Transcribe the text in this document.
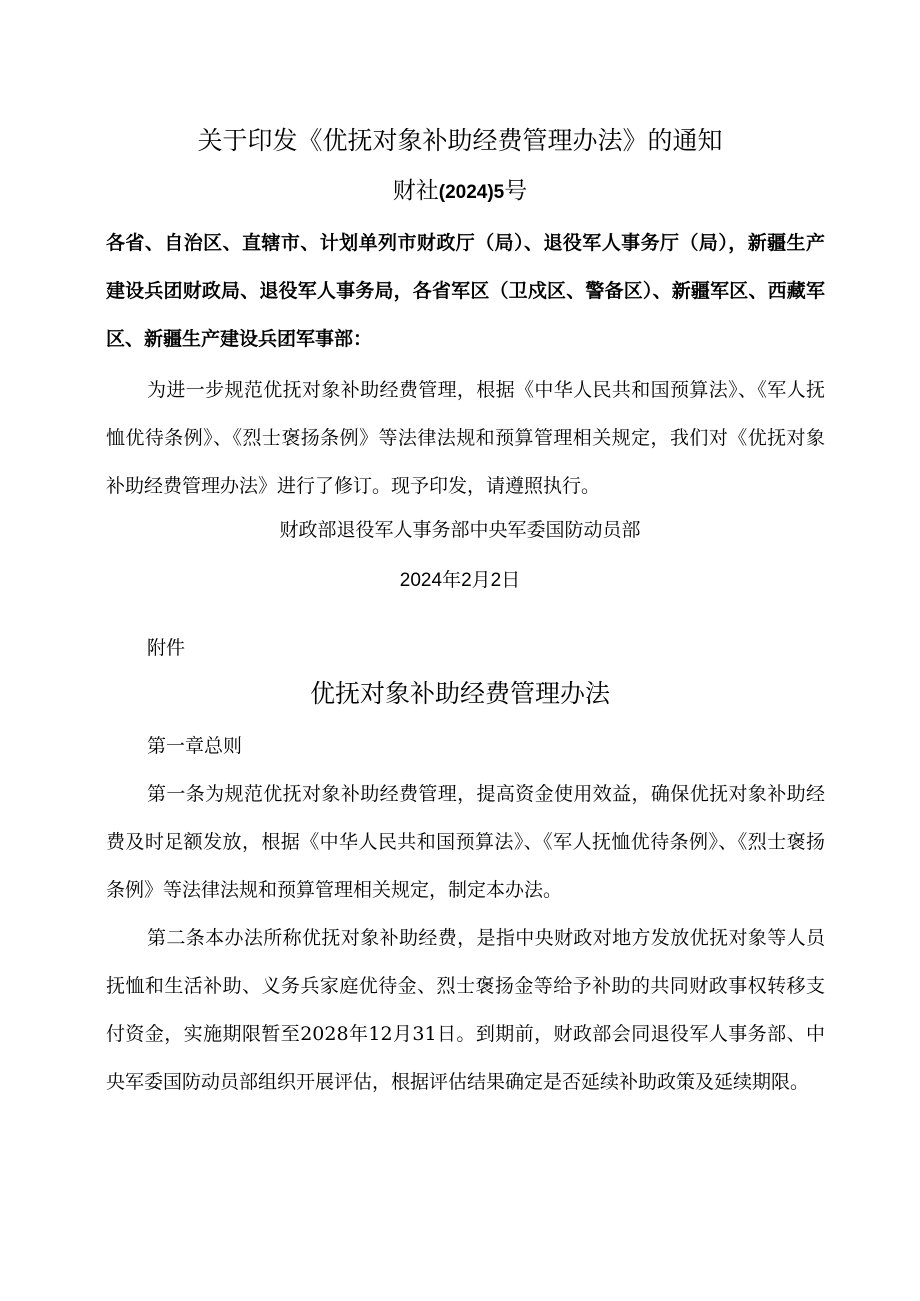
关于印发《优抚对象补助经费管理办法》的通知
财社(2024)5号
各省、自治区、直辖市、计划单列市财政厅（局）、退役军人事务厅（局），新疆生产建设兵团财政局、退役军人事务局，各省军区（卫戍区、警备区）、新疆军区、西藏军区、新疆生产建设兵团军事部：
为进一步规范优抚对象补助经费管理，根据《中华人民共和国预算法》、《军人抚恤优待条例》、《烈士褒扬条例》等法律法规和预算管理相关规定，我们对《优抚对象补助经费管理办法》进行了修订。现予印发，请遵照执行。
财政部退役军人事务部中央军委国防动员部
2024年2月2日
附件
优抚对象补助经费管理办法
第一章总则
第一条为规范优抚对象补助经费管理，提高资金使用效益，确保优抚对象补助经费及时足额发放，根据《中华人民共和国预算法》、《军人抚恤优待条例》、《烈士褒扬条例》等法律法规和预算管理相关规定，制定本办法。
第二条本办法所称优抚对象补助经费，是指中央财政对地方发放优抚对象等人员抚恤和生活补助、义务兵家庭优待金、烈士褒扬金等给予补助的共同财政事权转移支付资金，实施期限暂至2028年12月31日。到期前，财政部会同退役军人事务部、中央军委国防动员部组织开展评估，根据评估结果确定是否延续补助政策及延续期限。
